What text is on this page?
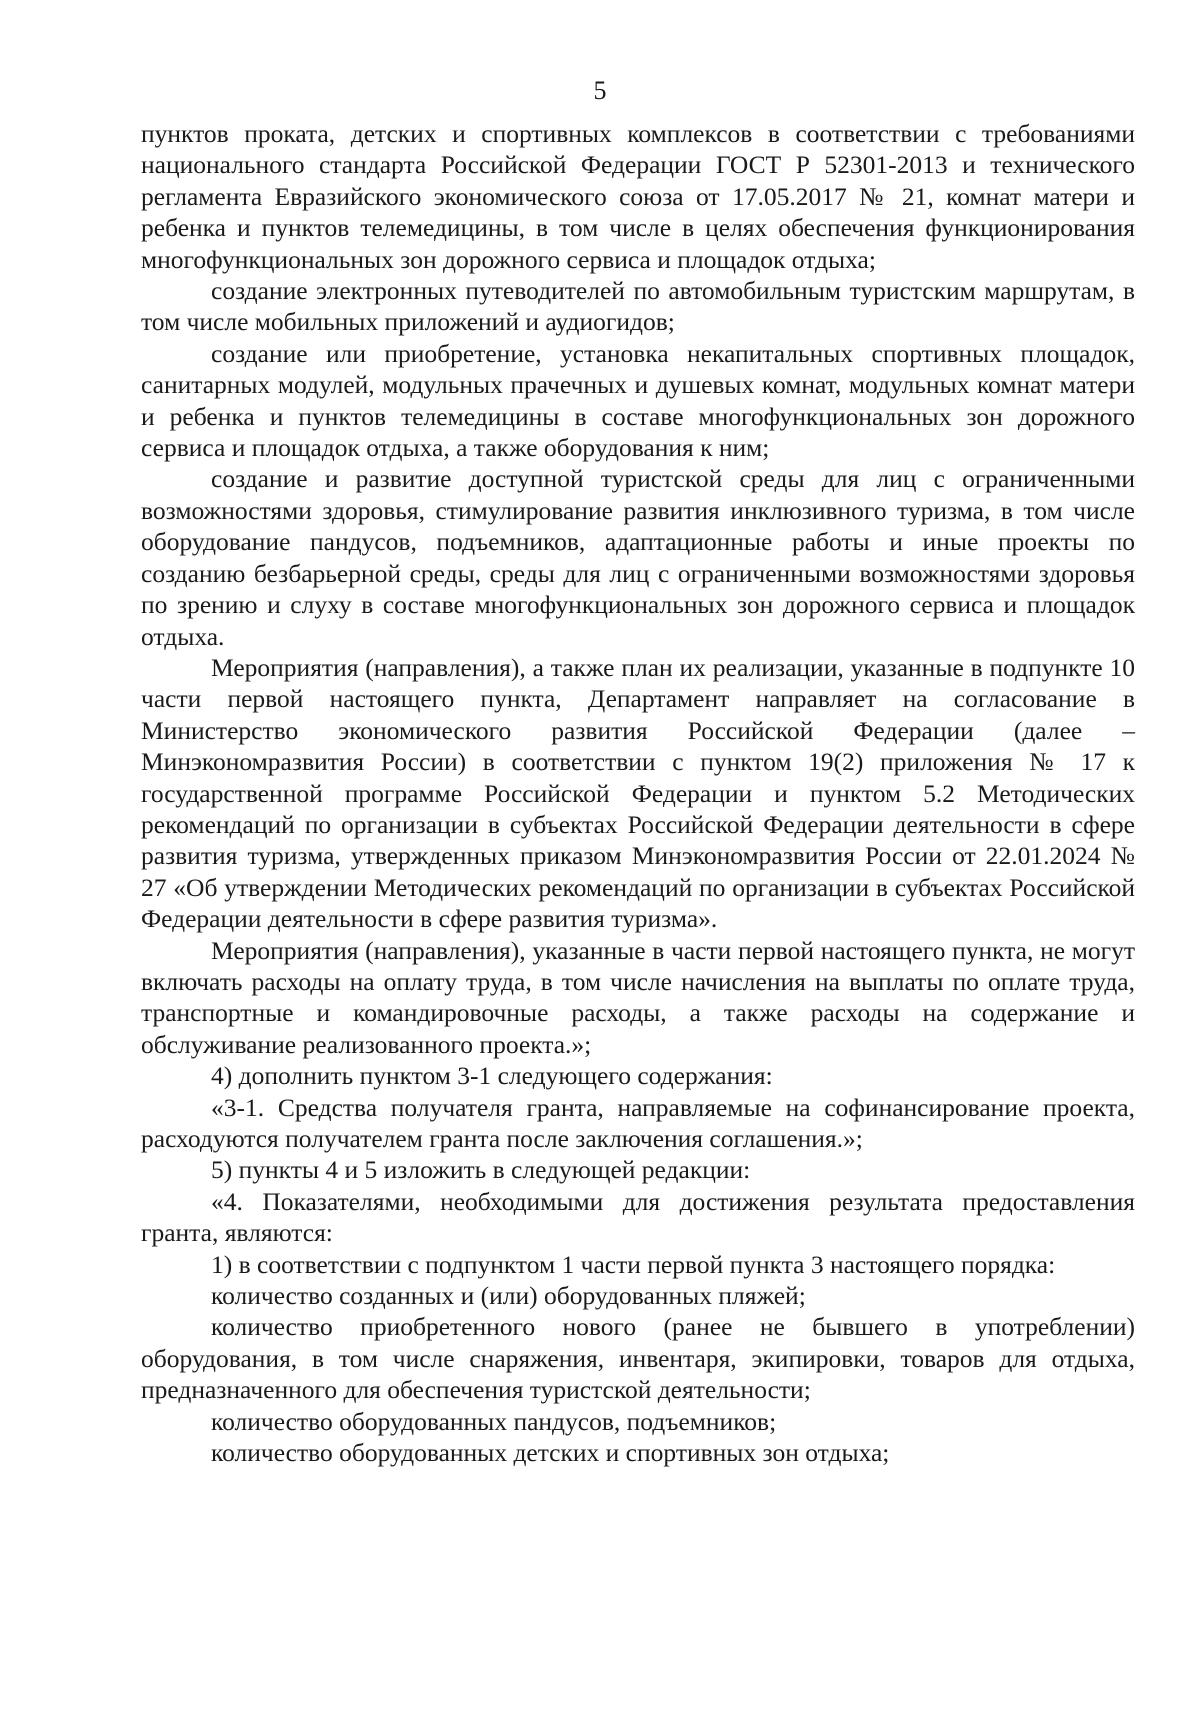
5

пунктов проката, детских и спортивных комплексов в соответствии с требованиями национального стандарта Российской Федерации ГОСТ Р 52301-2013 и технического регламента Евразийского экономического союза от 17.05.2017 № 21, комнат матери и ребенка и пунктов телемедицины, в том числе в целях обеспечения функционирования многофункциональных зон дорожного сервиса и площадок отдыха;

создание электронных путеводителей по автомобильным туристским маршрутам, в том числе мобильных приложений и аудиогидов;

создание или приобретение, установка некапитальных спортивных площадок, санитарных модулей, модульных прачечных и душевых комнат, модульных комнат матери и ребенка и пунктов телемедицины в составе многофункциональных зон дорожного сервиса и площадок отдыха, а также оборудования к ним;

создание и развитие доступной туристской среды для лиц с ограниченными возможностями здоровья, стимулирование развития инклюзивного туризма, в том числе оборудование пандусов, подъемников, адаптационные работы и иные проекты по созданию безбарьерной среды, среды для лиц с ограниченными возможностями здоровья по зрению и слуху в составе многофункциональных зон дорожного сервиса и площадок отдыха.

Мероприятия (направления), а также план их реализации, указанные в подпункте 10 части первой настоящего пункта, Департамент направляет на согласование в Министерство экономического развития Российской Федерации (далее – Минэкономразвития России) в соответствии с пунктом 19(2) приложения № 17 к государственной программе Российской Федерации и пунктом 5.2 Методических рекомендаций по организации в субъектах Российской Федерации деятельности в сфере развития туризма, утвержденных приказом Минэкономразвития России от 22.01.2024 № 27 «Об утверждении Методических рекомендаций по организации в субъектах Российской Федерации деятельности в сфере развития туризма».

Мероприятия (направления), указанные в части первой настоящего пункта, не могут включать расходы на оплату труда, в том числе начисления на выплаты по оплате труда, транспортные и командировочные расходы, а также расходы на содержание и обслуживание реализованного проекта.»;

4) дополнить пунктом 3-1 следующего содержания:

«3-1. Средства получателя гранта, направляемые на софинансирование проекта, расходуются получателем гранта после заключения соглашения.»;

5) пункты 4 и 5 изложить в следующей редакции:

«4. Показателями, необходимыми для достижения результата предоставления гранта, являются:

1) в соответствии с подпунктом 1 части первой пункта 3 настоящего порядка:

количество созданных и (или) оборудованных пляжей;

количество приобретенного нового (ранее не бывшего в употреблении) оборудования, в том числе снаряжения, инвентаря, экипировки, товаров для отдыха, предназначенного для обеспечения туристской деятельности;

количество оборудованных пандусов, подъемников;

количество оборудованных детских и спортивных зон отдыха;
